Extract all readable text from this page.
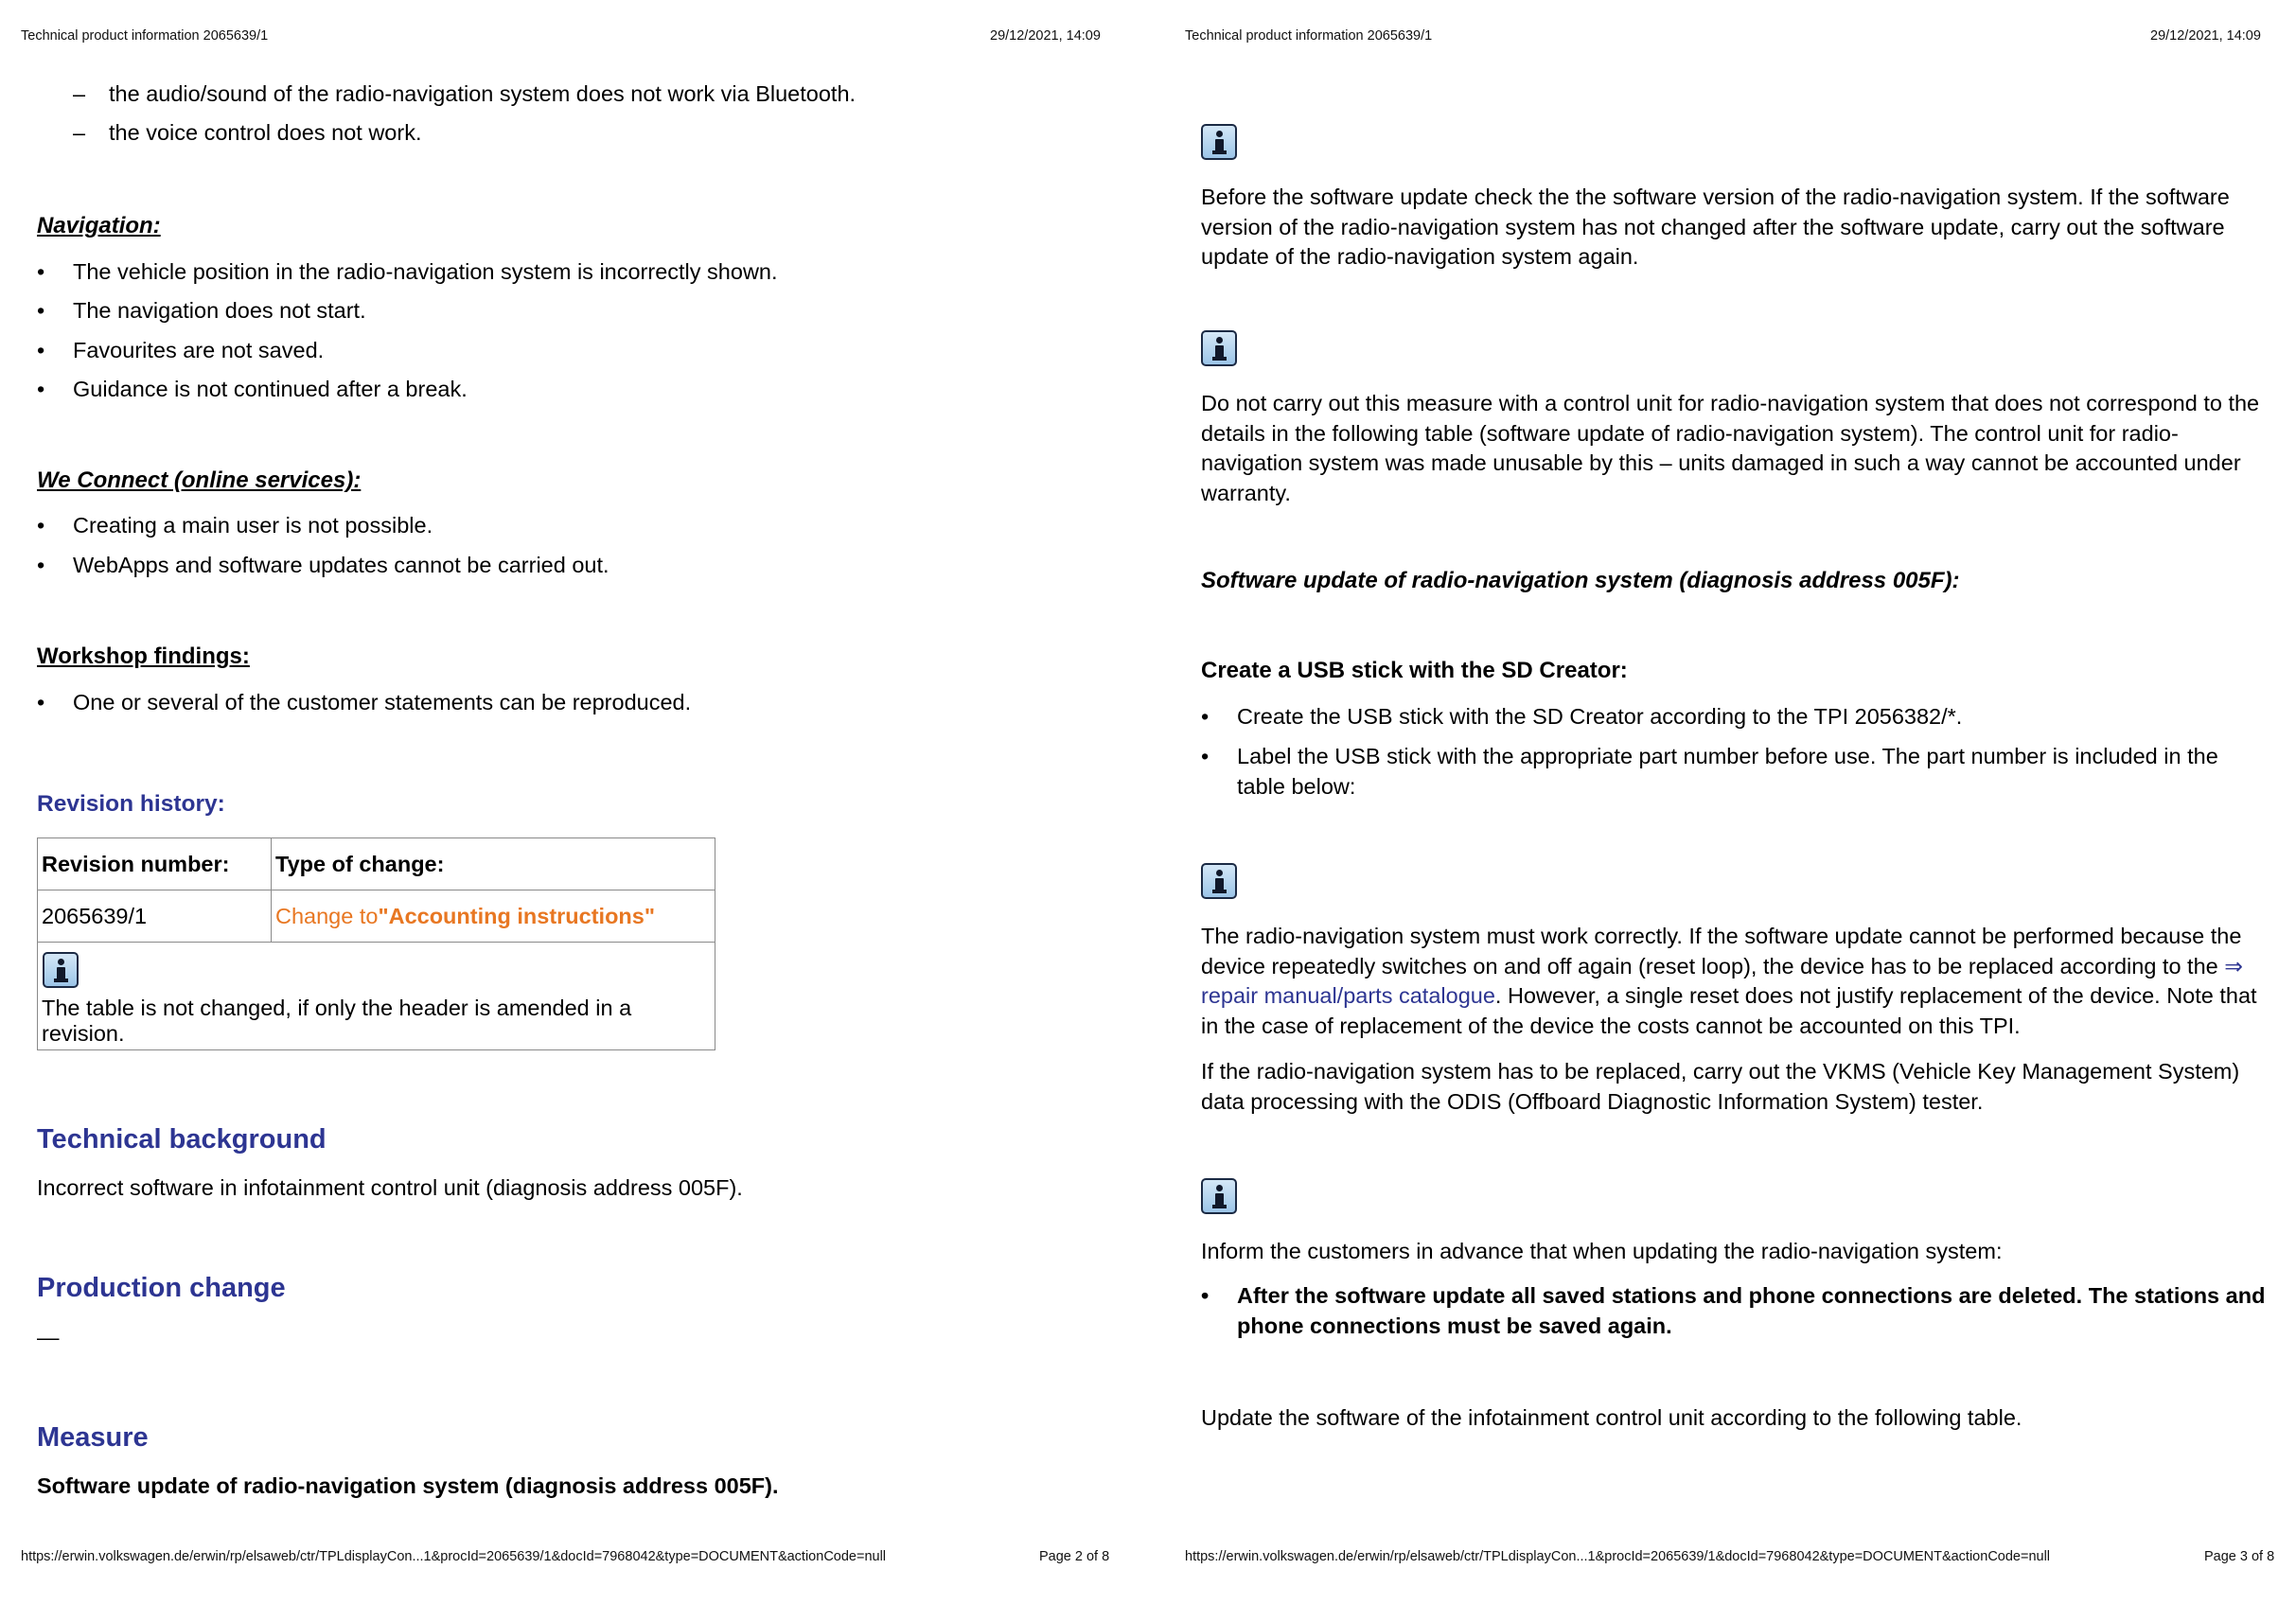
Technical product information 2065639/1	29/12/2021, 14:09
– the audio/sound of the radio-navigation system does not work via Bluetooth.
– the voice control does not work.
Navigation:
• The vehicle position in the radio-navigation system is incorrectly shown.
• The navigation does not start.
• Favourites are not saved.
• Guidance is not continued after a break.
We Connect (online services):
• Creating a main user is not possible.
• WebApps and software updates cannot be carried out.
Workshop findings:
• One or several of the customer statements can be reproduced.
Revision history:
Revision number:	Type of change:
2065639/1	Change to"Accounting instructions"

The table is not changed, if only the header is amended in a revision.	
Technical background
Incorrect software in infotainment control unit (diagnosis address 005F).
Production change
—
Measure
Software update of radio-navigation system (diagnosis address 005F).
https://erwin.volkswagen.de/erwin/rp/elsaweb/ctr/TPLdisplayCon...1&procId=2065639/1&docId=7968042&type=DOCUMENT&actionCode=null	Page 2 of 8
Technical product information 2065639/1	29/12/2021, 14:09
Before the software update check the the software version of the radio-navigation system. If the software version of the radio-navigation system has not changed after the software update, carry out the software update of the radio-navigation system again.
Do not carry out this measure with a control unit for radio-navigation system that does not correspond to the details in the following table (software update of radio-navigation system). The control unit for radio-navigation system was made unusable by this – units damaged in such a way cannot be accounted under warranty.
Software update of radio-navigation system (diagnosis address 005F):
Create a USB stick with the SD Creator:
• Create the USB stick with the SD Creator according to the TPI 2056382/*.
• Label the USB stick with the appropriate part number before use. The part number is included in the table below:
The radio-navigation system must work correctly. If the software update cannot be performed because the device repeatedly switches on and off again (reset loop), the device has to be replaced according to the ⇒ repair manual/parts catalogue. However, a single reset does not justify replacement of the device. Note that in the case of replacement of the device the costs cannot be accounted on this TPI.
If the radio-navigation system has to be replaced, carry out the VKMS (Vehicle Key Management System) data processing with the ODIS (Offboard Diagnostic Information System) tester.
Inform the customers in advance that when updating the radio-navigation system:
• After the software update all saved stations and phone connections are deleted. The stations and phone connections must be saved again.
Update the software of the infotainment control unit according to the following table.
https://erwin.volkswagen.de/erwin/rp/elsaweb/ctr/TPLdisplayCon...1&procId=2065639/1&docId=7968042&type=DOCUMENT&actionCode=null	Page 3 of 8
